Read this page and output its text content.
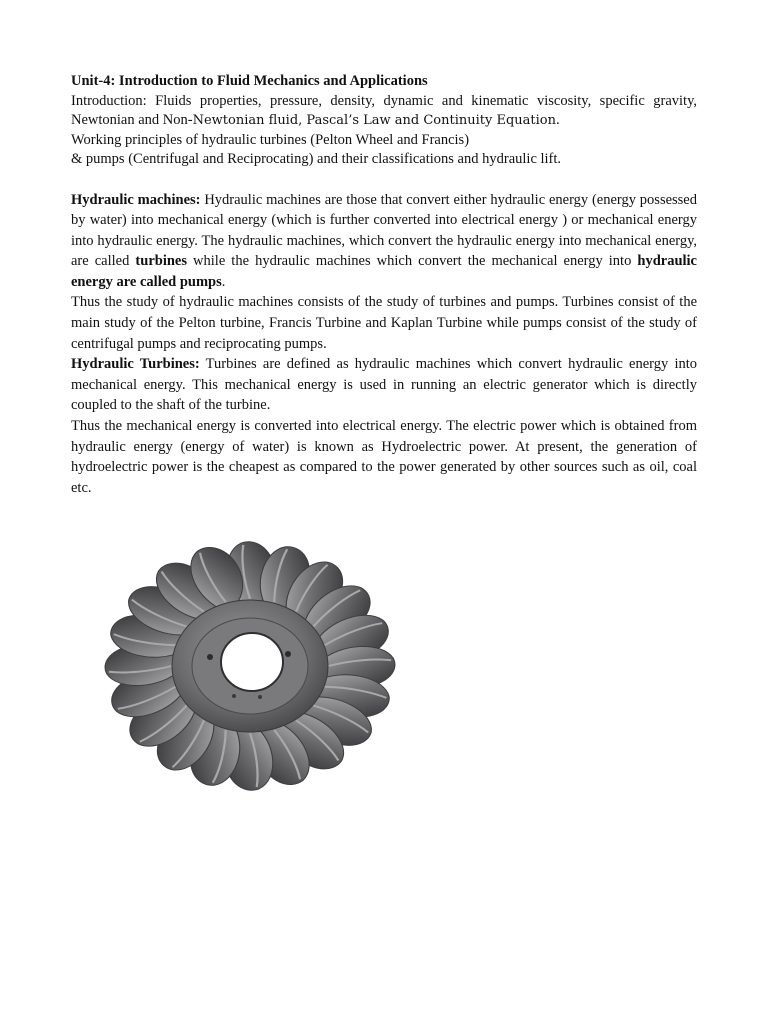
Unit-4: Introduction to Fluid Mechanics and Applications

Introduction: Fluids properties, pressure, density, dynamic and kinematic viscosity, specific gravity, Newtonian and Non-Newtonian fluid, Pascal’s Law and Continuity Equation.

Working principles of hydraulic turbines (Pelton Wheel and Francis)

& pumps (Centrifugal and Reciprocating) and their classifications and hydraulic lift.

Hydraulic machines: Hydraulic machines are those that convert either hydraulic energy (energy possessed by water) into mechanical energy (which is further converted into electrical energy ) or mechanical energy into hydraulic energy. The hydraulic machines, which convert the hydraulic energy into mechanical energy, are called turbines while the hydraulic machines which convert the mechanical energy into hydraulic energy are called pumps.

Thus the study of hydraulic machines consists of the study of turbines and pumps. Turbines consist of the main study of the Pelton turbine, Francis Turbine and Kaplan Turbine while pumps consist of the study of centrifugal pumps and reciprocating pumps.

Hydraulic Turbines: Turbines are defined as hydraulic machines which convert hydraulic energy into mechanical energy. This mechanical energy is used in running an electric generator which is directly coupled to the shaft of the turbine.

Thus the mechanical energy is converted into electrical energy. The electric power which is obtained from hydraulic energy (energy of water) is known as Hydroelectric power. At present, the generation of hydroelectric power is the cheapest as compared to the power generated by other sources such as oil, coal etc.
